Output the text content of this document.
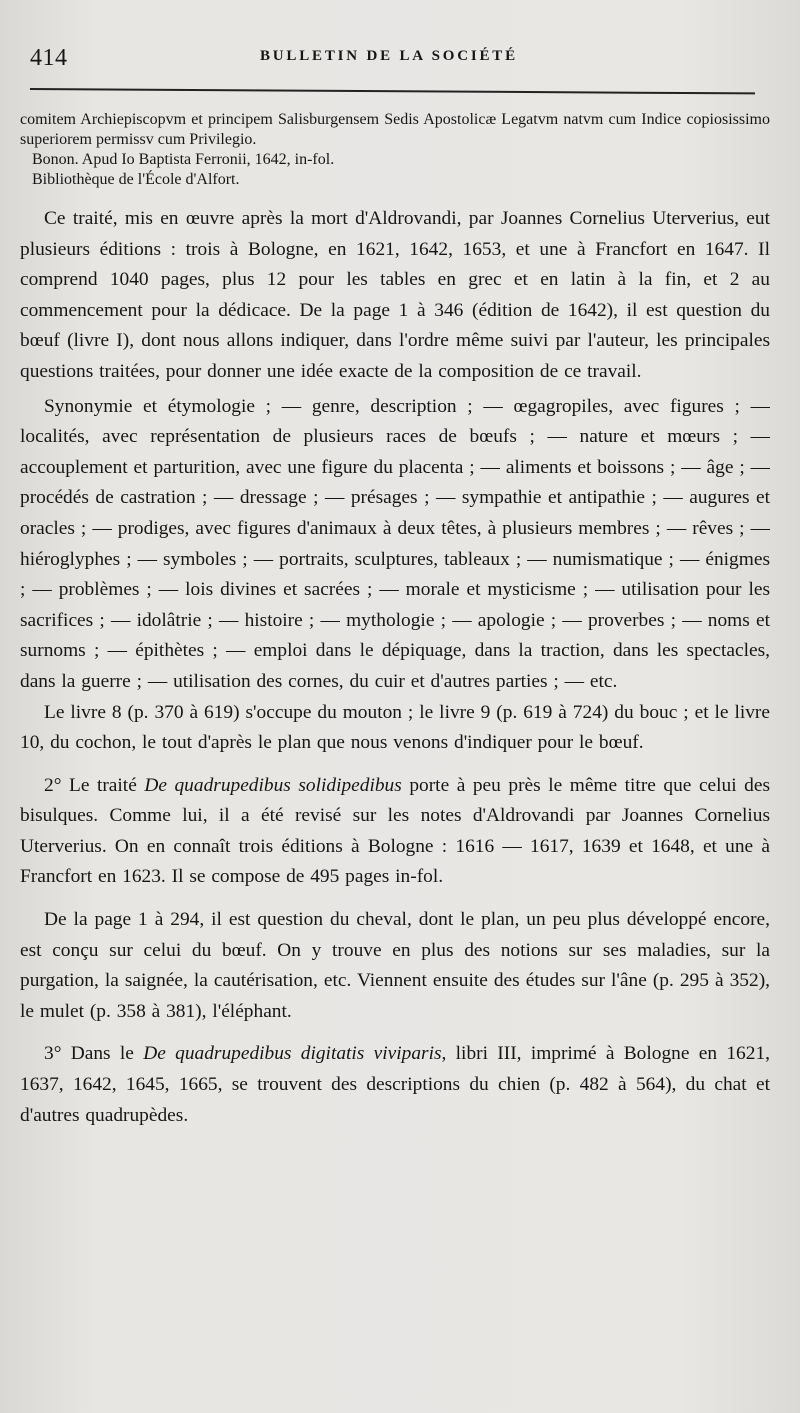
414	BULLETIN DE LA SOCIÉTÉ

comitem Archiepiscopvm et principem Salisburgensem Sedis Apostolicæ Legatvm natvm cum Indice copiosissimo superiorem permissv cum Privilegio.

Bonon. Apud Io Baptista Ferronii, 1642, in-fol.

Bibliothèque de l'École d'Alfort.

Ce traité, mis en œuvre après la mort d'Aldrovandi, par Joannes Cornelius Uterverius, eut plusieurs éditions : trois à Bologne, en 1621, 1642, 1653, et une à Francfort en 1647. Il comprend 1040 pages, plus 12 pour les tables en grec et en latin à la fin, et 2 au commencement pour la dédicace. De la page 1 à 346 (édition de 1642), il est question du bœuf (livre I), dont nous allons indiquer, dans l'ordre même suivi par l'auteur, les principales questions traitées, pour donner une idée exacte de la composition de ce travail.

Synonymie et étymologie ; — genre, description ; — œgagropiles, avec figures ; — localités, avec représentation de plusieurs races de bœufs ; — nature et mœurs ; — accouplement et parturition, avec une figure du placenta ; — aliments et boissons ; — âge ; — procédés de castration ; — dressage ; — présages ; — sympathie et antipathie ; — augures et oracles ; — prodiges, avec figures d'animaux à deux têtes, à plusieurs membres ; — rêves ; — hiéroglyphes ; — symboles ; — portraits, sculptures, tableaux ; — numismatique ; — énigmes ; — problèmes ; — lois divines et sacrées ; — morale et mysticisme ; — utilisation pour les sacrifices ; — idolâtrie ; — histoire ; — mythologie ; — apologie ; — proverbes ; — noms et surnoms ; — épithètes ; — emploi dans le dépiquage, dans la traction, dans les spectacles, dans la guerre ; — utilisation des cornes, du cuir et d'autres parties ; — etc.

Le livre 8 (p. 370 à 619) s'occupe du mouton ; le livre 9 (p. 619 à 724) du bouc ; et le livre 10, du cochon, le tout d'après le plan que nous venons d'indiquer pour le bœuf.

2° Le traité De quadrupedibus solidipedibus porte à peu près le même titre que celui des bisulques. Comme lui, il a été revisé sur les notes d'Aldrovandi par Joannes Cornelius Uterverius. On en connaît trois éditions à Bologne : 1616 — 1617, 1639 et 1648, et une à Francfort en 1623. Il se compose de 495 pages in-fol.

De la page 1 à 294, il est question du cheval, dont le plan, un peu plus développé encore, est conçu sur celui du bœuf. On y trouve en plus des notions sur ses maladies, sur la purgation, la saignée, la cautérisation, etc. Viennent ensuite des études sur l'âne (p. 295 à 352), le mulet (p. 358 à 381), l'éléphant.

3° Dans le De quadrupedibus digitatis viviparis, libri III, imprimé à Bologne en 1621, 1637, 1642, 1645, 1665, se trouvent des descriptions du chien (p. 482 à 564), du chat et d'autres quadrupèdes.
